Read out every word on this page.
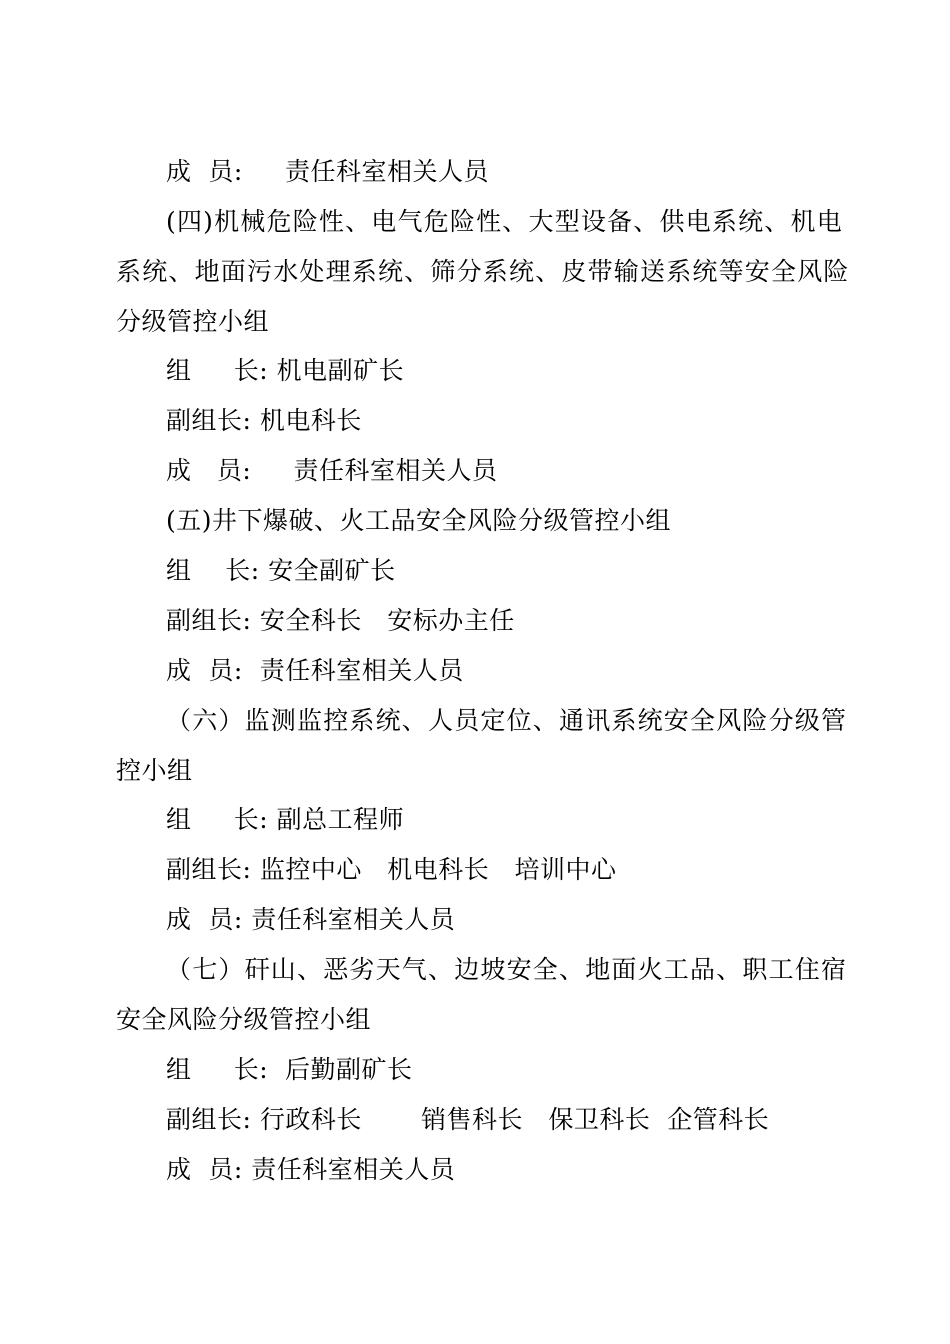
成  员:     责任科室相关人员
(四)机械危险性、电气危险性、大型设备、供电系统、机电
系统、地面污水处理系统、筛分系统、皮带输送系统等安全风险
分级管控小组
组     长: 机电副矿长
副组长: 机电科长
成   员:     责任科室相关人员
(五)井下爆破、火工品安全风险分级管控小组
组    长: 安全副矿长
副组长: 安全科长   安标办主任
成  员:  责任科室相关人员
（六）监测监控系统、人员定位、通讯系统安全风险分级管
控小组
组     长: 副总工程师
副组长: 监控中心   机电科长   培训中心
成  员: 责任科室相关人员
（七）矸山、恶劣天气、边坡安全、地面火工品、职工住宿
安全风险分级管控小组
组     长:  后勤副矿长
副组长: 行政科长       销售科长   保卫科长  企管科长
成  员: 责任科室相关人员
